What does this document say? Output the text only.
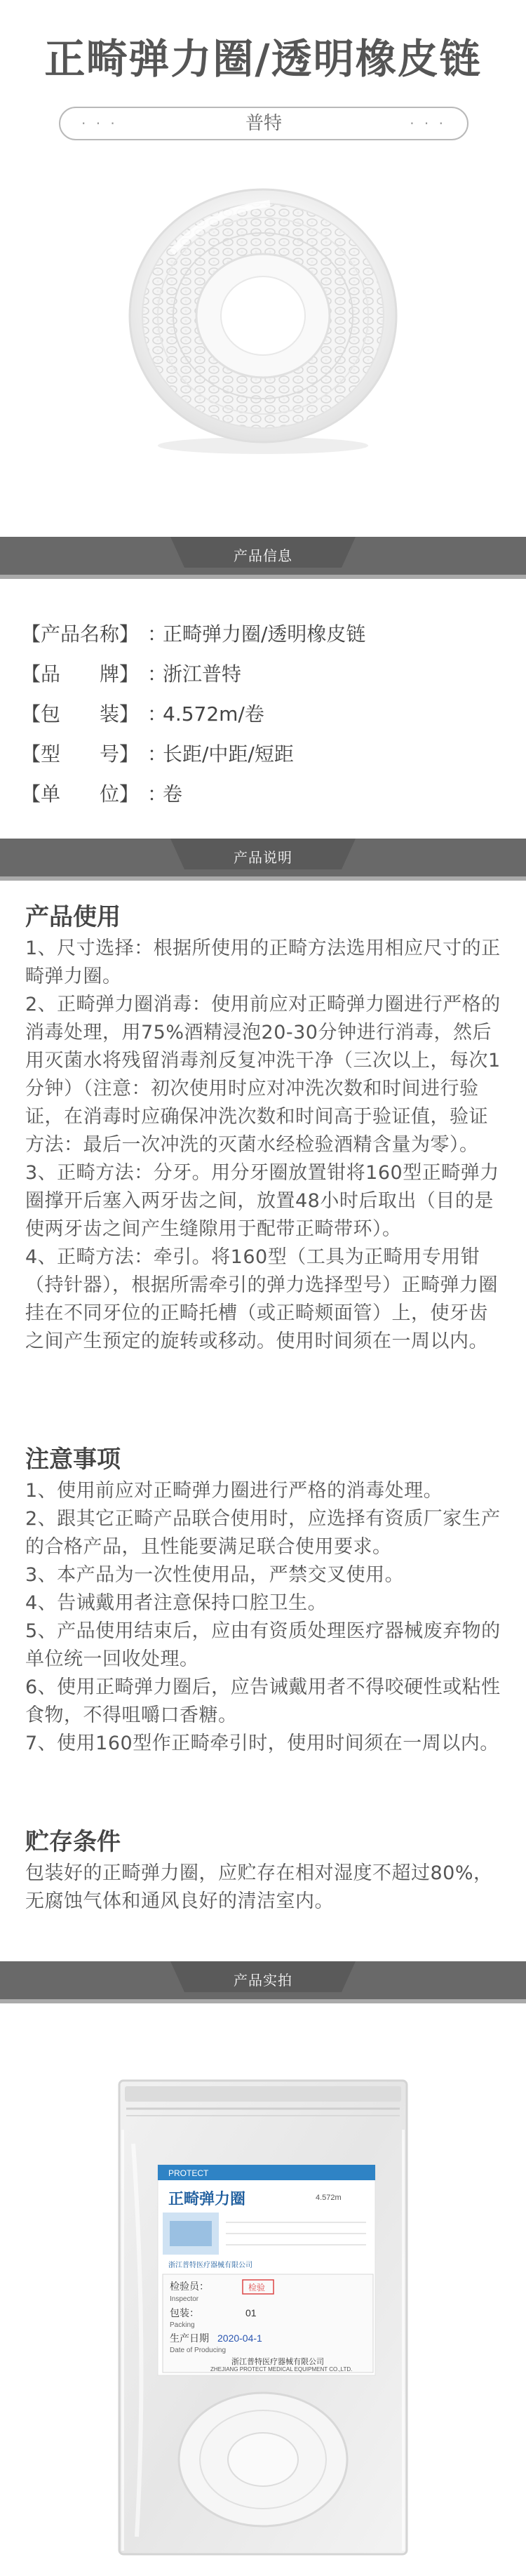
正畸弹力圈/透明橡皮链
· · ·	普特	· · ·
产品信息
【产品名称】 ：正畸弹力圈/透明橡皮链
【品　　牌】 ：浙江普特
【包　　装】 ：4.572m/卷
【型　　号】 ：长距/中距/短距
【单　　位】 ：卷
产品说明
产品使用

1、尺寸选择：根据所使用的正畸方法选用相应尺寸的正畸弹力圈。

2、正畸弹力圈消毒：使用前应对正畸弹力圈进行严格的消毒处理，用75%酒精浸泡20-30分钟进行消毒，然后用灭菌水将残留消毒剂反复冲洗干净（三次以上，每次1分钟）（注意：初次使用时应对冲洗次数和时间进行验证，在消毒时应确保冲洗次数和时间高于验证值，验证方法：最后一次冲洗的灭菌水经检验酒精含量为零）。

3、正畸方法：分牙。用分牙圈放置钳将160型正畸弹力圈撑开后塞入两牙齿之间，放置48小时后取出（目的是使两牙齿之间产生缝隙用于配带正畸带环）。

4、正畸方法：牵引。将160型（工具为正畸用专用钳（持针器），根据所需牵引的弹力选择型号）正畸弹力圈挂在不同牙位的正畸托槽（或正畸颊面管）上，使牙齿之间产生预定的旋转或移动。使用时间须在一周以内。

注意事项

1、使用前应对正畸弹力圈进行严格的消毒处理。

2、跟其它正畸产品联合使用时，应选择有资质厂家生产的合格产品，且性能要满足联合使用要求。

3、本产品为一次性使用品，严禁交叉使用。

4、告诫戴用者注意保持口腔卫生。

5、产品使用结束后，应由有资质处理医疗器械废弃物的单位统一回收处理。

6、使用正畸弹力圈后，应告诫戴用者不得咬硬性或粘性食物，不得咀嚼口香糖。

7、使用160型作正畸牵引时，使用时间须在一周以内。

贮存条件

包装好的正畸弹力圈，应贮存在相对湿度不超过80%，无腐蚀气体和通风良好的清洁室内。

产品实拍
PROTECT
正畸弹力圈	4.572m
浙江普特医疗器械有限公司
检验员：	检验
Inspector
包装：	01
Packing
生产日期 2020-04-1
Date of Producing
浙江普特医疗器械有限公司
ZHEJIANG PROTECT MEDICAL EQUIPMENT CO.,LTD.
